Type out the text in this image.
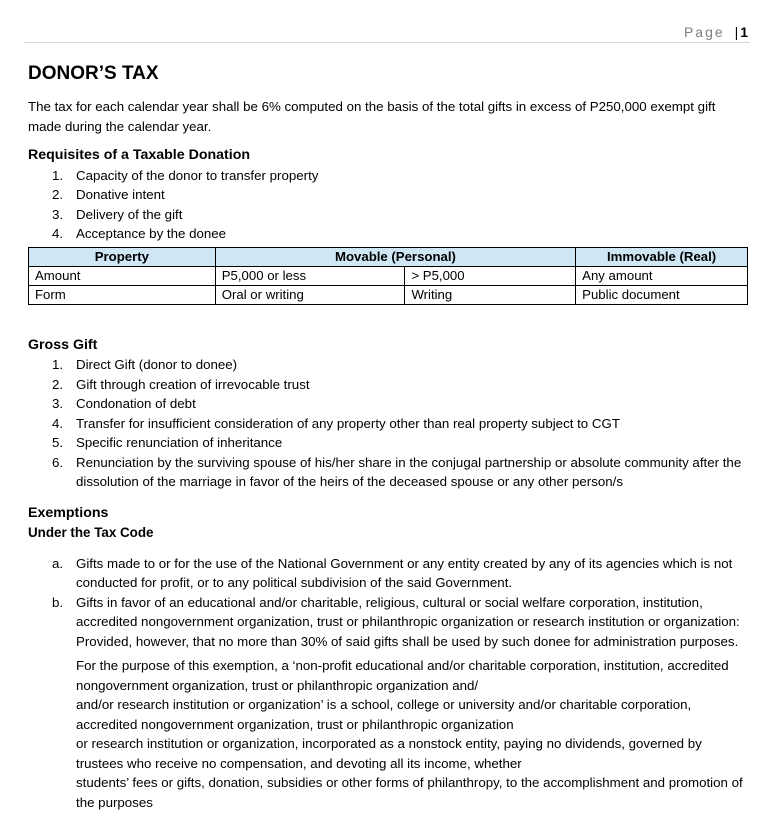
Page | 1
DONOR’S TAX

The tax for each calendar year shall be 6% computed on the basis of the total gifts in excess of P250,000 exempt gift made during the calendar year.

Requisites of a Taxable Donation
1. Capacity of the donor to transfer property
2. Donative intent
3. Delivery of the gift
4. Acceptance by the donee
Property	Movable (Personal)		Immovable (Real)
Amount	P5,000 or less	> P5,000	Any amount
Form	Oral or writing	Writing	Public document
Gross Gift
1. Direct Gift (donor to donee)
2. Gift through creation of irrevocable trust
3. Condonation of debt
4. Transfer for insufficient consideration of any property other than real property subject to CGT
5. Specific renunciation of inheritance
6. Renunciation by the surviving spouse of his/her share in the conjugal partnership or absolute community after the dissolution of the marriage in favor of the heirs of the deceased spouse or any other person/s
Exemptions
Under the Tax Code
a. Gifts made to or for the use of the National Government or any entity created by any of its agencies which is not conducted for profit, or to any political subdivision of the said Government.
b. Gifts in favor of an educational and/or charitable, religious, cultural or social welfare corporation, institution, accredited nongovernment organization, trust or philanthropic organization or research institution or organization: Provided, however, that no more than 30% of said gifts shall be used by such donee for administration purposes.
For the purpose of this exemption, a ‘non-profit educational and/or charitable corporation, institution, accredited nongovernment organization, trust or philanthropic organization and/
and/or research institution or organization’ is a school, college or university and/or charitable corporation, accredited nongovernment organization, trust or philanthropic organization
or research institution or organization, incorporated as a nonstock entity, paying no dividends, governed by trustees who receive no compensation, and devoting all its income, whether
students’ fees or gifts, donation, subsidies or other forms of philanthropy, to the accomplishment and promotion of the purposes
